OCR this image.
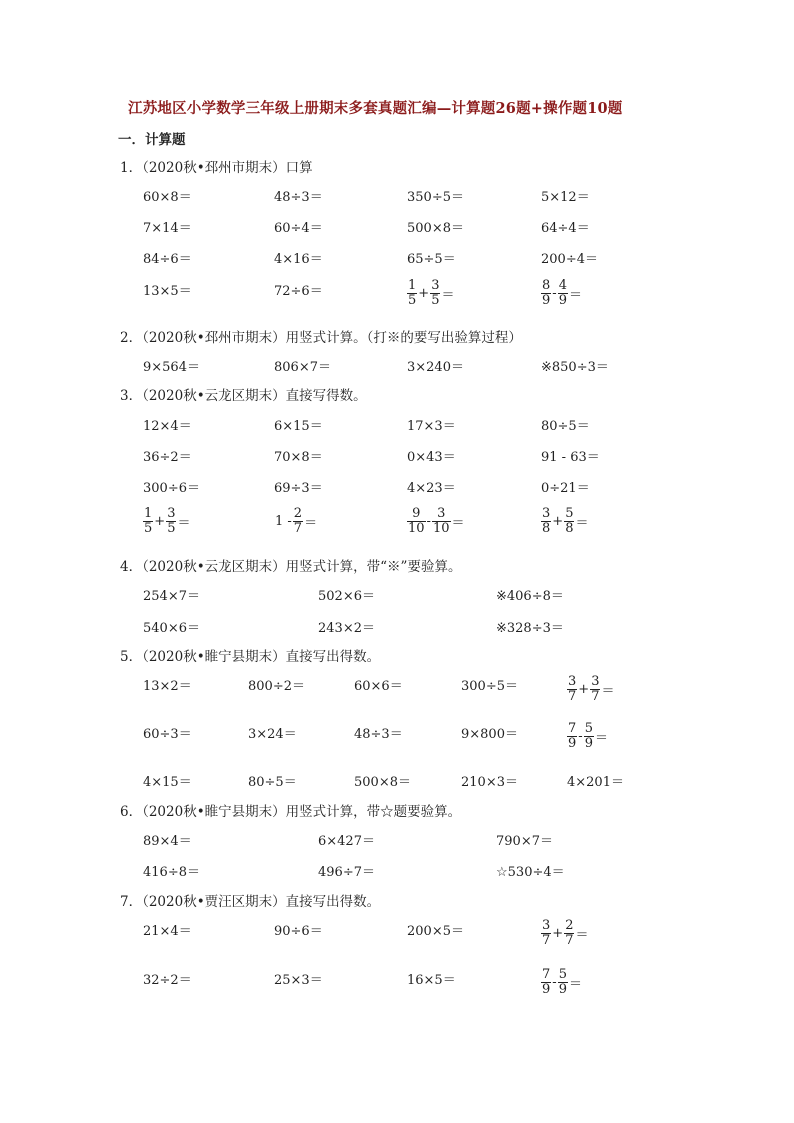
江苏地区小学数学三年级上册期末多套真题汇编—计算题26题+操作题10题
一．计算题
1．（2020秋•邳州市期末）口算
60×8＝	48÷3＝	350÷5＝	5×12＝
7×14＝	60÷4＝	500×8＝	64÷4＝
84÷6＝	4×16＝	65÷5＝	200÷4＝
13×5＝	72÷6＝	$\frac{1}{5} + \frac{3}{5}$ ＝	$\frac{8}{9} - \frac{4}{9}$ ＝
2．（2020秋•邳州市期末）用竖式计算。（打※的要写出验算过程）
9×564＝	806×7＝	3×240＝	※850÷3＝
3．（2020秋•云龙区期末）直接写得数。
12×4＝	6×15＝	17×3＝	80÷5＝
36÷2＝	70×8＝	0×43＝	91 - 63＝
300÷6＝	69÷3＝	4×23＝	0÷21＝
$\frac{1}{5} + \frac{3}{5}$ ＝	$1 - \frac{2}{7}$ ＝	$\frac{9}{10} - \frac{3}{10}$ ＝	$\frac{3}{8} + \frac{5}{8}$ ＝
4．（2020秋•云龙区期末）用竖式计算，带“※”要验算。
254×7＝	502×6＝	※406÷8＝
540×6＝	243×2＝	※328÷3＝
5．（2020秋•睢宁县期末）直接写出得数。
13×2＝	800÷2＝	60×6＝	300÷5＝	$\frac{3}{7} + \frac{3}{7}$ ＝
60÷3＝	3×24＝	48÷3＝	9×800＝	$\frac{7}{9} - \frac{5}{9}$ ＝
4×15＝	80÷5＝	500×8＝	210×3＝	4×201＝
6．（2020秋•睢宁县期末）用竖式计算，带☆题要验算。
89×4＝	6×427＝	790×7＝
416÷8＝	496÷7＝	☆530÷4＝
7．（2020秋•贾汪区期末）直接写出得数。
21×4＝	90÷6＝	200×5＝	$\frac{3}{7} + \frac{2}{7}$ ＝
32÷2＝	25×3＝	16×5＝	$\frac{7}{9} - \frac{5}{9}$ ＝
